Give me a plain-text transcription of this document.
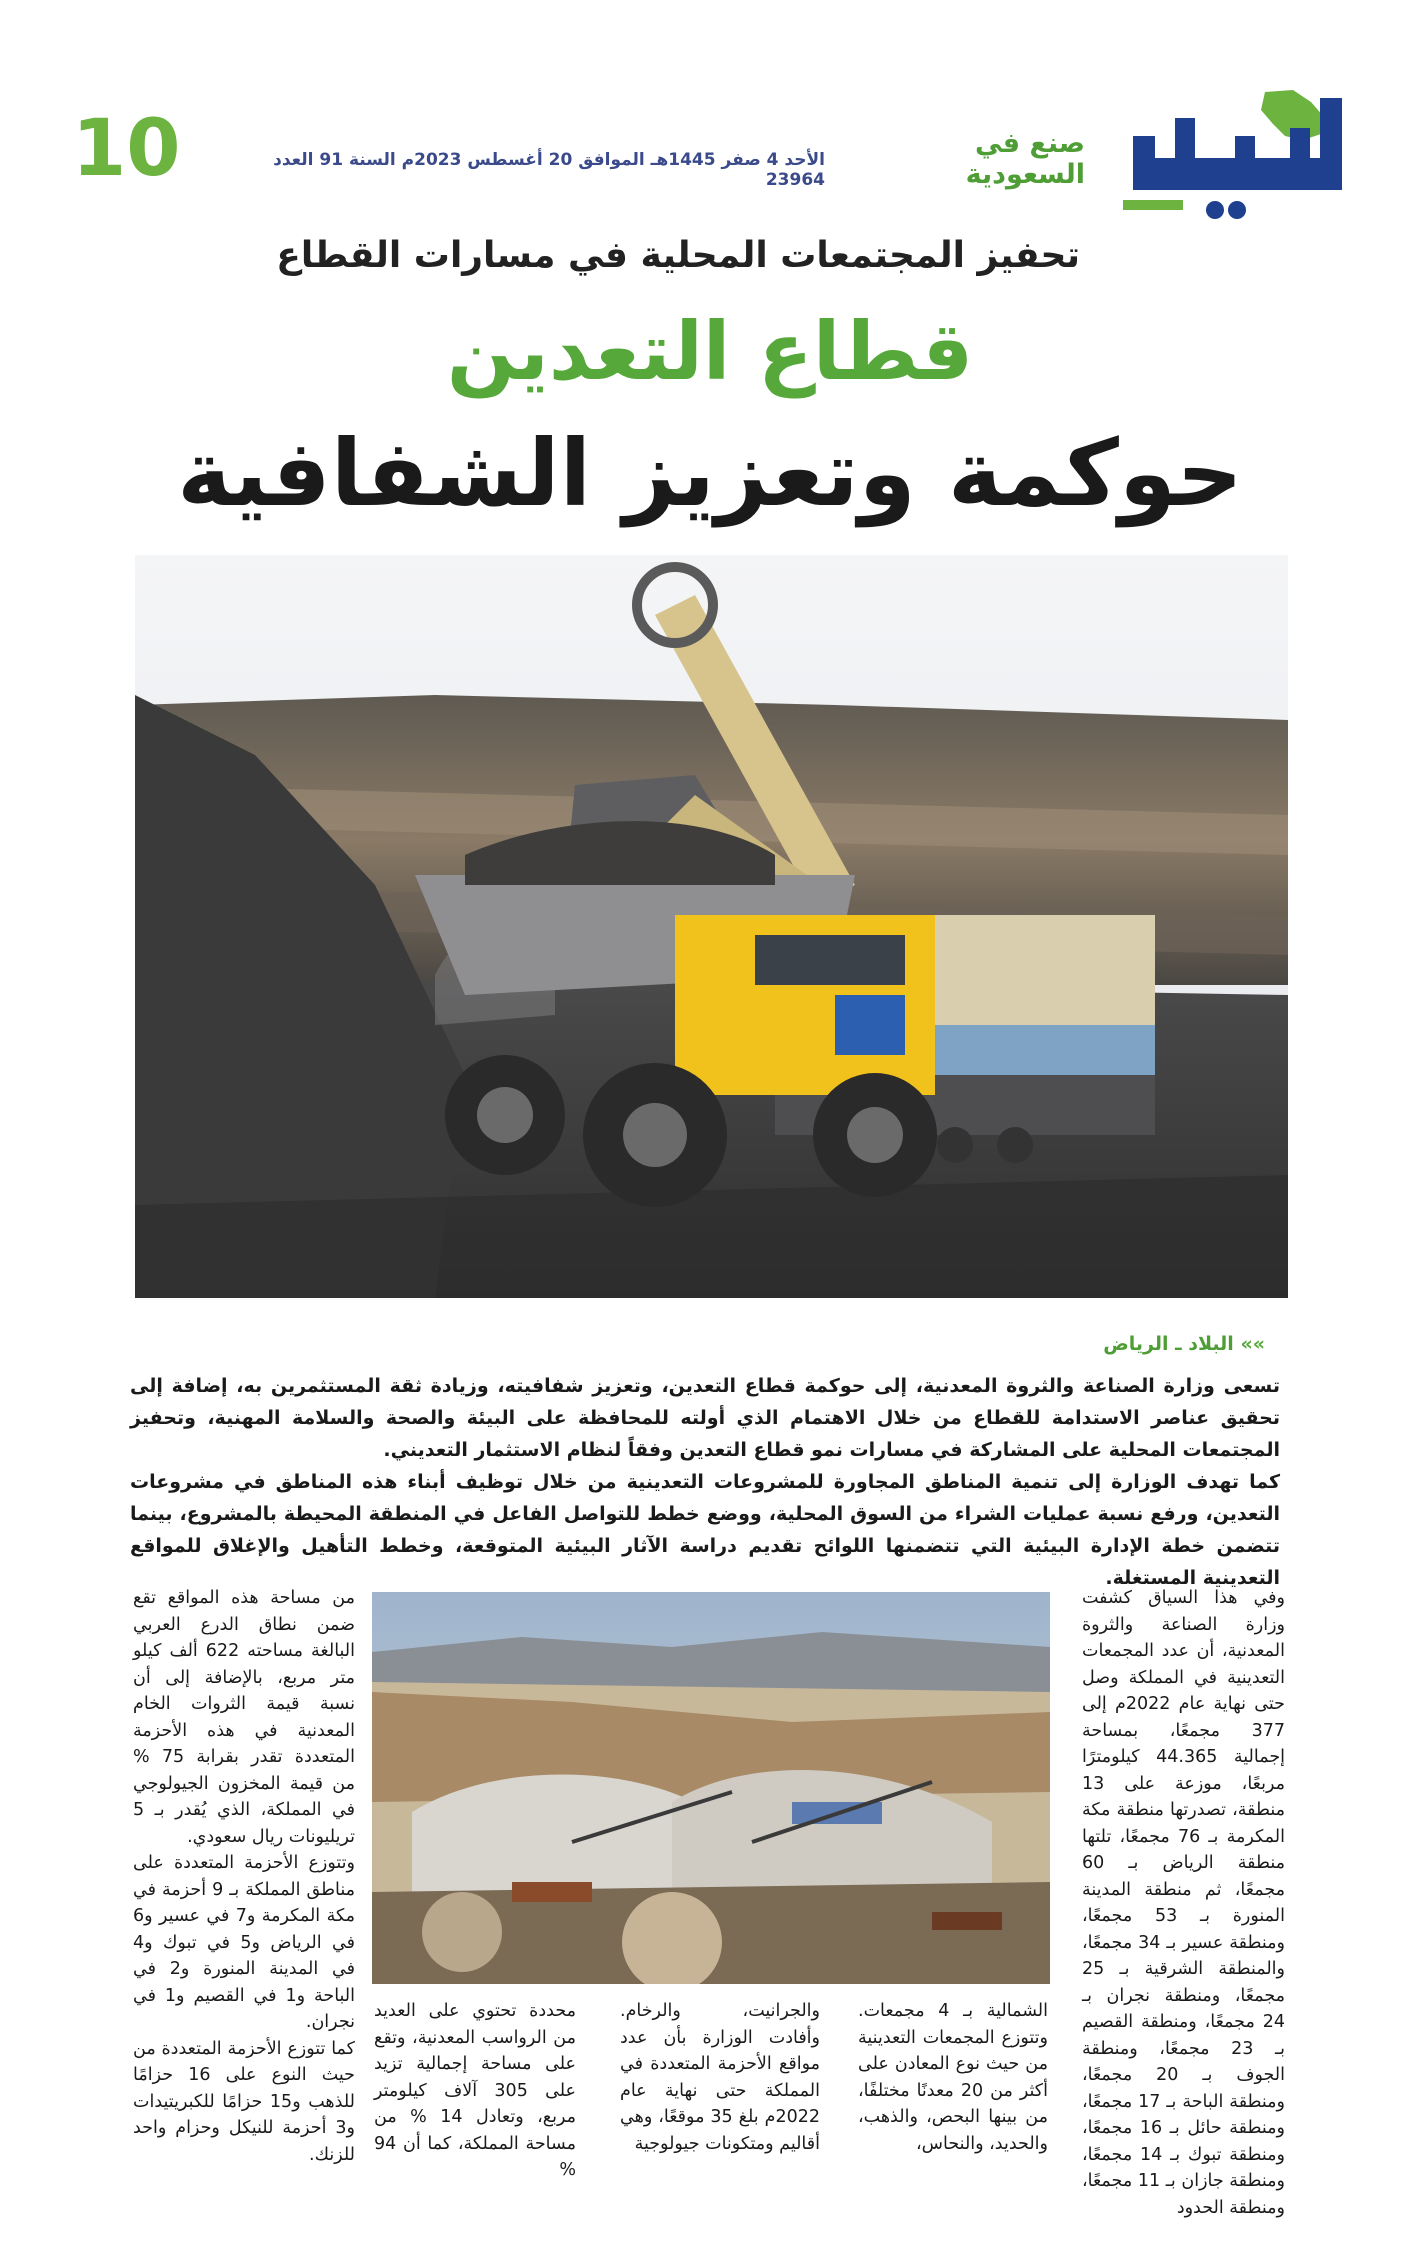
10	الأحد 4 صفر 1445هـ الموافق 20 أغسطس 2023م السنة 91 العدد 23964
صنع في السعودية
البلاد
تحفيز المجتمعات المحلية في مسارات القطاع
قطاع التعدين
حوكمة وتعزيز الشفافية
»» البلاد ـ الرياض

تسعى وزارة الصناعة والثروة المعدنية، إلى حوكمة قطاع التعدين، وتعزيز شفافيته، وزيادة ثقة المستثمرين به، إضافة إلى تحقيق عناصر الاستدامة للقطاع من خلال الاهتمام الذي أولته للمحافظة على البيئة والصحة والسلامة المهنية، وتحفيز المجتمعات المحلية على المشاركة في مسارات نمو قطاع التعدين وفقاً لنظام الاستثمار التعديني.

كما تهدف الوزارة إلى تنمية المناطق المجاورة للمشروعات التعدينية من خلال توظيف أبناء هذه المناطق في مشروعات التعدين، ورفع نسبة عمليات الشراء من السوق المحلية، ووضع خطط للتواصل الفاعل في المنطقة المحيطة بالمشروع، بينما تتضمن خطة الإدارة البيئية التي تتضمنها اللوائح تقديم دراسة الآثار البيئية المتوقعة، وخطط التأهيل والإغلاق للمواقع التعدينية المستغلة.

وفي هذا السياق كشفت وزارة الصناعة والثروة المعدنية، أن عدد المجمعات التعدينية في المملكة وصل حتى نهاية عام 2022م إلى 377 مجمعًا، بمساحة إجمالية 44.365 كيلومترًا مربعًا، موزعة على 13 منطقة، تصدرتها منطقة مكة المكرمة بـ 76 مجمعًا، تلتها منطقة الرياض بـ 60 مجمعًا، ثم منطقة المدينة المنورة بـ 53 مجمعًا، ومنطقة عسير بـ 34 مجمعًا، والمنطقة الشرقية بـ 25 مجمعًا، ومنطقة نجران بـ 24 مجمعًا، ومنطقة القصيم بـ 23 مجمعًا، ومنطقة الجوف بـ 20 مجمعًا، ومنطقة الباحة بـ 17 مجمعًا، ومنطقة حائل بـ 16 مجمعًا، ومنطقة تبوك بـ 14 مجمعًا، ومنطقة جازان بـ 11 مجمعًا، ومنطقة الحدود

من مساحة هذه المواقع تقع ضمن نطاق الدرع العربي البالغة مساحته 622 ألف كيلو متر مربع، بالإضافة إلى أن نسبة قيمة الثروات الخام المعدنية في هذه الأحزمة المتعددة تقدر بقرابة 75 % من قيمة المخزون الجيولوجي في المملكة، الذي يُقدر بـ 5 تريليونات ريال سعودي.

وتتوزع الأحزمة المتعددة على مناطق المملكة بـ 9 أحزمة في مكة المكرمة و7 في عسير و6 في الرياض و5 في تبوك و4 في المدينة المنورة و2 في الباحة و1 في القصيم و1 في نجران.

كما تتوزع الأحزمة المتعددة من حيث النوع على 16 حزامًا للذهب و15 حزامًا للكبريتيدات و3 أحزمة للنيكل وحزام واحد للزنك.

الشمالية بـ 4 مجمعات. وتتوزع المجمعات التعدينية من حيث نوع المعادن على أكثر من 20 معدنًا مختلفًا، من بينها البحص، والذهب، والحديد، والنحاس،

والجرانيت، والرخام. وأفادت الوزارة بأن عدد مواقع الأحزمة المتعددة في المملكة حتى نهاية عام 2022م بلغ 35 موقعًا، وهي أقاليم ومتكونات جيولوجية

محددة تحتوي على العديد من الرواسب المعدنية، وتقع على مساحة إجمالية تزيد على 305 آلاف كيلومتر مربع، وتعادل 14 % من مساحة المملكة، كما أن 94 %
